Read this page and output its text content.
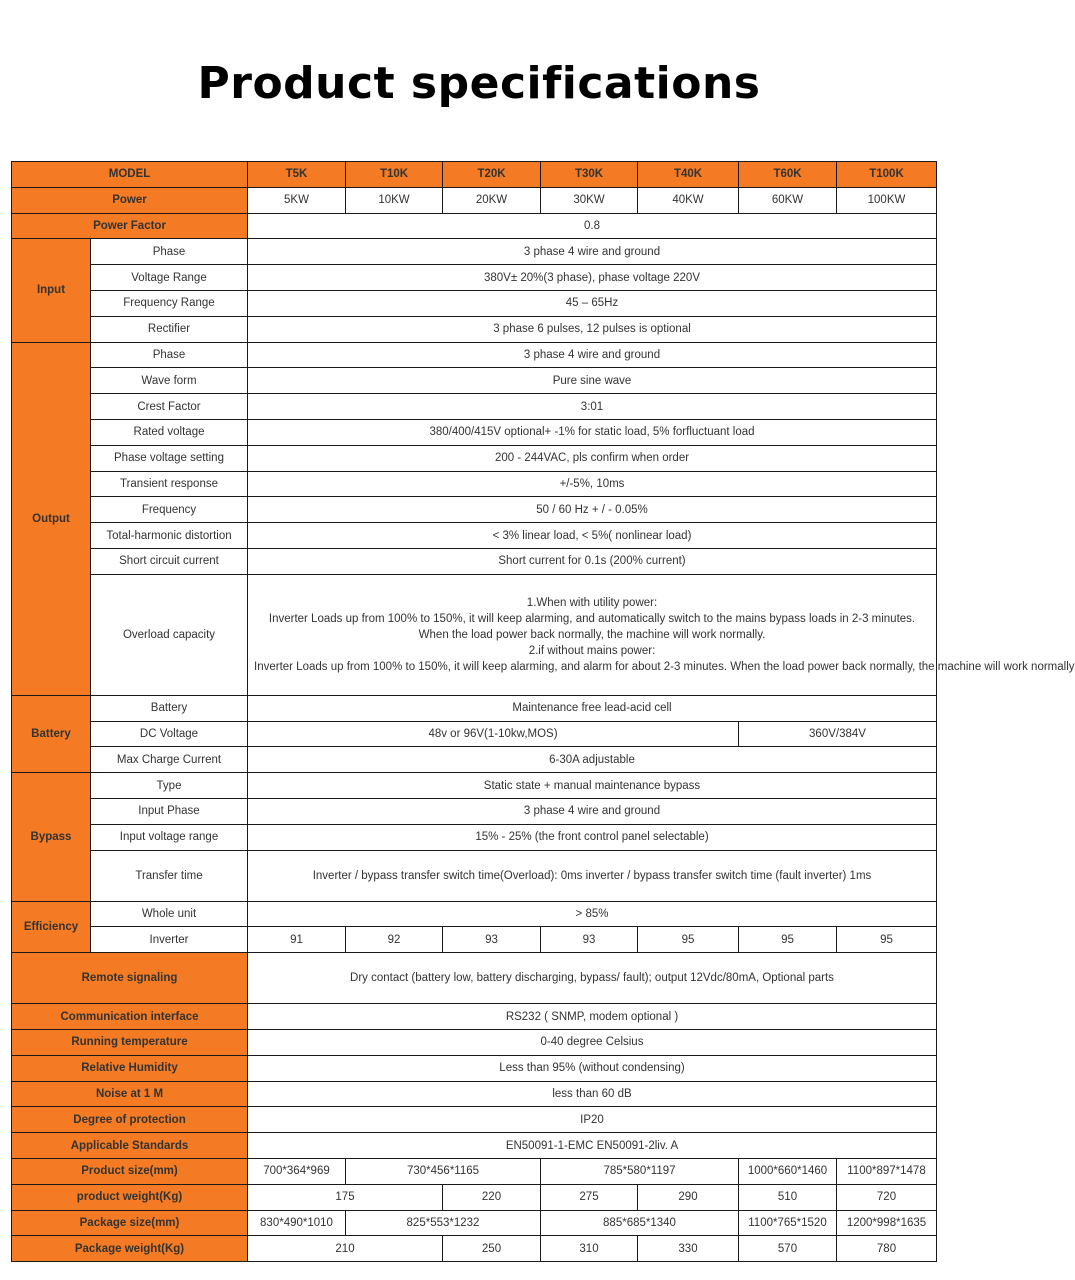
Product specifications
MODEL		T5K	T10K	T20K	T30K	T40K	T60K	T100K
Power		5KW	10KW	20KW	30KW	40KW	60KW	100KW
Power Factor		0.8						
Input	Phase	3 phase 4 wire and ground						
	Voltage Range	380V± 20%(3 phase), phase voltage 220V						
	Frequency Range	45 – 65Hz						
	Rectifier	3 phase 6 pulses, 12 pulses is optional						
Output	Phase	3 phase 4 wire and ground						
	Wave form	Pure sine wave						
	Crest Factor	3:01						
	Rated voltage	380/400/415V optional+ -1% for static load, 5% forfluctuant load						
	Phase voltage setting	200 - 244VAC, pls confirm when order						
	Transient response	+/-5%, 10ms						
	Frequency	50 / 60 Hz + / - 0.05%						
	Total-harmonic distortion	< 3% linear load, < 5%( nonlinear load)						
	Short circuit current	Short current for 0.1s (200% current)						
	Overload capacity	1.When with utility power:
Inverter Loads up from 100% to 150%, it will keep alarming, and automatically switch to the mains bypass loads in 2-3 minutes.
When the load power back normally, the machine will work normally.
2.if without mains power:
Inverter Loads up from 100% to 150%, it will keep alarming, and alarm for about 2-3 minutes. When the load power back normally, the machine will work normally						

Battery	Battery	Maintenance free lead-acid cell						
	DC Voltage	48v or 96V(1-10kw,MOS)					360V/384V	
	Max Charge Current	6-30A adjustable						
Bypass	Type	Static state + manual maintenance bypass						
	Input Phase	3 phase 4 wire and ground						
	Input voltage range	15% - 25% (the front control panel selectable)						
	Transfer time	Inverter / bypass transfer switch time(Overload): 0ms inverter / bypass transfer switch time (fault inverter) 1ms						
Efficiency	Whole unit	> 85%						
	Inverter	91	92	93	93	95	95	95
Remote signaling		Dry contact (battery low, battery discharging, bypass/ fault); output 12Vdc/80mA, Optional parts						
Communication interface		RS232 ( SNMP, modem optional )						
Running temperature		0-40 degree Celsius						
Relative Humidity		Less than 95% (without condensing)						
Noise at 1 M		less than 60 dB						
Degree of protection		IP20						
Applicable Standards		EN50091-1-EMC EN50091-2liv. A						
Product size(mm)		700*364*969	730*456*1165		785*580*1197		1000*660*1460	1100*897*1478
product weight(Kg)		175		220	275	290	510	720
Package size(mm)		830*490*1010	825*553*1232		885*685*1340		1100*765*1520	1200*998*1635
Package weight(Kg)		210		250	310	330	570	780
